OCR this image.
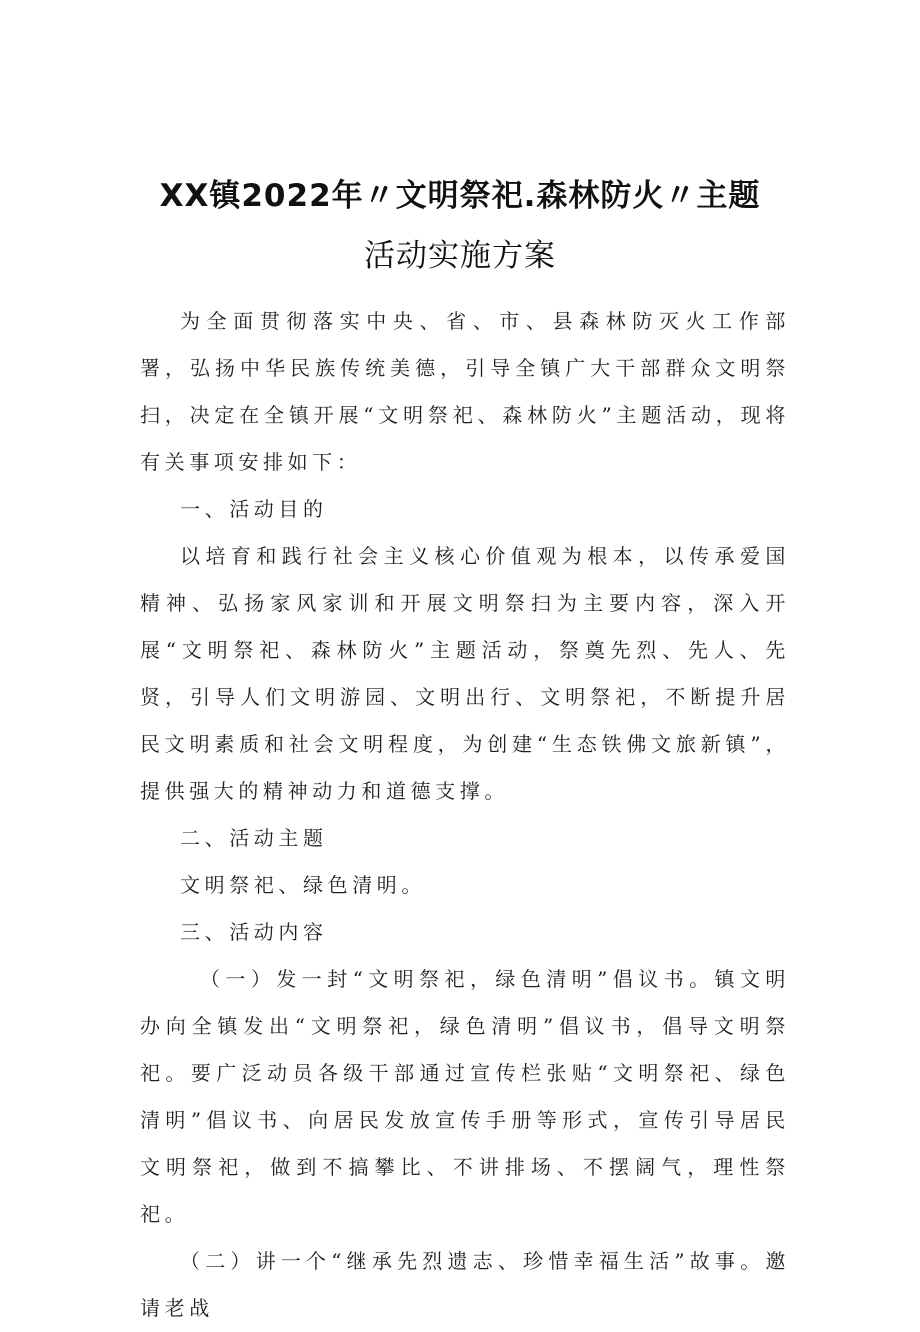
XX镇2022年〃文明祭祀.森林防火〃主题
活动实施方案

为全面贯彻落实中央、省、市、县森林防灭火工作部署，弘扬中华民族传统美德，引导全镇广大干部群众文明祭扫，决定在全镇开展“文明祭祀、森林防火”主题活动，现将有关事项安排如下：

一、活动目的

以培育和践行社会主义核心价值观为根本，以传承爱国精神、弘扬家风家训和开展文明祭扫为主要内容，深入开展“文明祭祀、森林防火”主题活动，祭奠先烈、先人、先贤，引导人们文明游园、文明出行、文明祭祀，不断提升居民文明素质和社会文明程度，为创建“生态铁佛文旅新镇”，提供强大的精神动力和道德支撑。

二、活动主题

文明祭祀、绿色清明。

三、活动内容

（一）发一封“文明祭祀，绿色清明”倡议书。镇文明办向全镇发出“文明祭祀，绿色清明”倡议书，倡导文明祭祀。要广泛动员各级干部通过宣传栏张贴“文明祭祀、绿色清明”倡议书、向居民发放宣传手册等形式，宣传引导居民文明祭祀，做到不搞攀比、不讲排场、不摆阔气，理性祭祀。

（二）讲一个“继承先烈遗志、珍惜幸福生活”故事。邀请老战
